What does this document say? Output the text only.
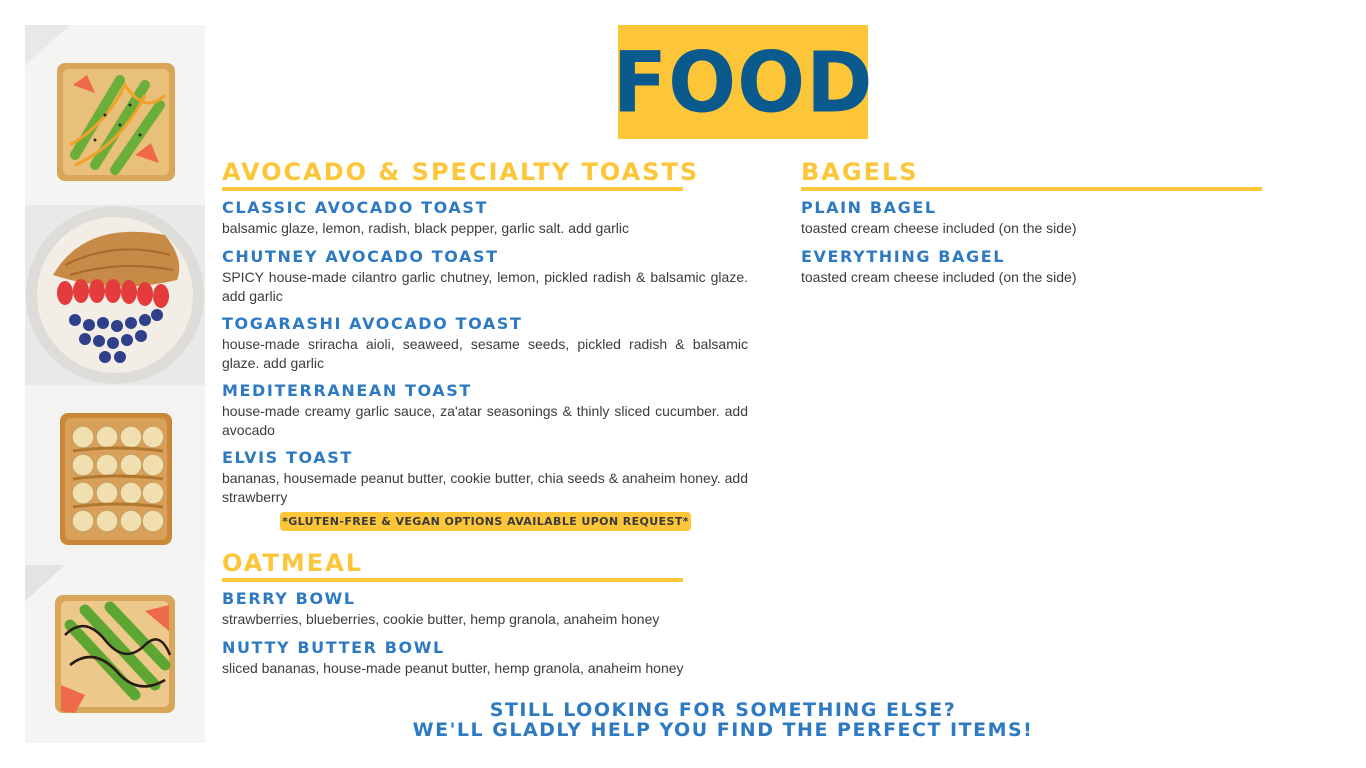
FOOD
AVOCADO & SPECIALTY TOASTS
CLASSIC AVOCADO TOAST
balsamic glaze, lemon, radish, black pepper, garlic salt. add garlic
CHUTNEY AVOCADO TOAST
SPICY house-made cilantro garlic chutney, lemon, pickled radish & balsamic glaze. add garlic
TOGARASHI AVOCADO TOAST
house-made sriracha aioli, seaweed, sesame seeds, pickled radish & balsamic glaze. add garlic
MEDITERRANEAN TOAST
house-made creamy garlic sauce, za'atar seasonings & thinly sliced cucumber. add avocado
ELVIS TOAST
bananas, housemade peanut butter, cookie butter, chia seeds & anaheim honey. add strawberry
*GLUTEN-FREE & VEGAN OPTIONS AVAILABLE UPON REQUEST*
OATMEAL
BERRY BOWL
strawberries, blueberries, cookie butter, hemp granola, anaheim honey
NUTTY BUTTER BOWL
sliced bananas, house-made peanut butter, hemp granola, anaheim honey
BAGELS
PLAIN BAGEL
toasted cream cheese included (on the side)
EVERYTHING BAGEL
toasted cream cheese included (on the side)
STILL LOOKING FOR SOMETHING ELSE?
WE'LL GLADLY HELP YOU FIND THE PERFECT ITEMS!
